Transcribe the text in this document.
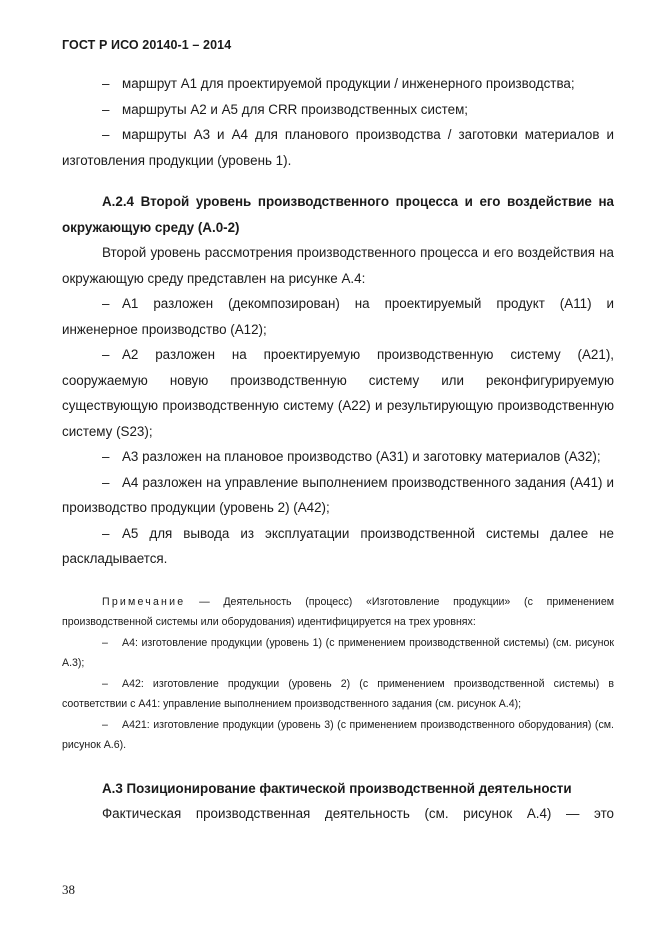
ГОСТ Р ИСО 20140-1 – 2014

– маршрут А1 для проектируемой продукции / инженерного производства;

– маршруты А2 и А5 для CRR производственных систем;

– маршруты А3 и А4 для планового производства / заготовки материалов и изготовления продукции (уровень 1).

А.2.4 Второй уровень производственного процесса и его воздействие на окружающую среду (А.0-2)

Второй уровень рассмотрения производственного процесса и его воздействия на окружающую среду представлен на рисунке А.4:

– А1 разложен (декомпозирован) на проектируемый продукт (А11) и инженерное производство (А12);

– А2 разложен на проектируемую производственную систему (А21), сооружаемую новую производственную систему или реконфигурируемую существующую производственную систему (А22) и результирующую производственную систему (S23);

– А3 разложен на плановое производство (А31) и заготовку материалов (А32);

– А4 разложен на управление выполнением производственного задания (А41) и производство продукции (уровень 2) (А42);

– А5 для вывода из эксплуатации производственной системы далее не раскладывается.

Примечание — Деятельность (процесс) «Изготовление продукции» (с применением производственной системы или оборудования) идентифицируется на трех уровнях:

– А4: изготовление продукции (уровень 1) (с применением производственной системы) (см. рисунок А.3);

– А42: изготовление продукции (уровень 2) (с применением производственной системы) в соответствии с А41: управление выполнением производственного задания (см. рисунок А.4);

– А421: изготовление продукции (уровень 3) (с применением производственного оборудования) (см. рисунок А.6).

А.3 Позиционирование фактической производственной деятельности

Фактическая производственная деятельность (см. рисунок А.4) — это

38
